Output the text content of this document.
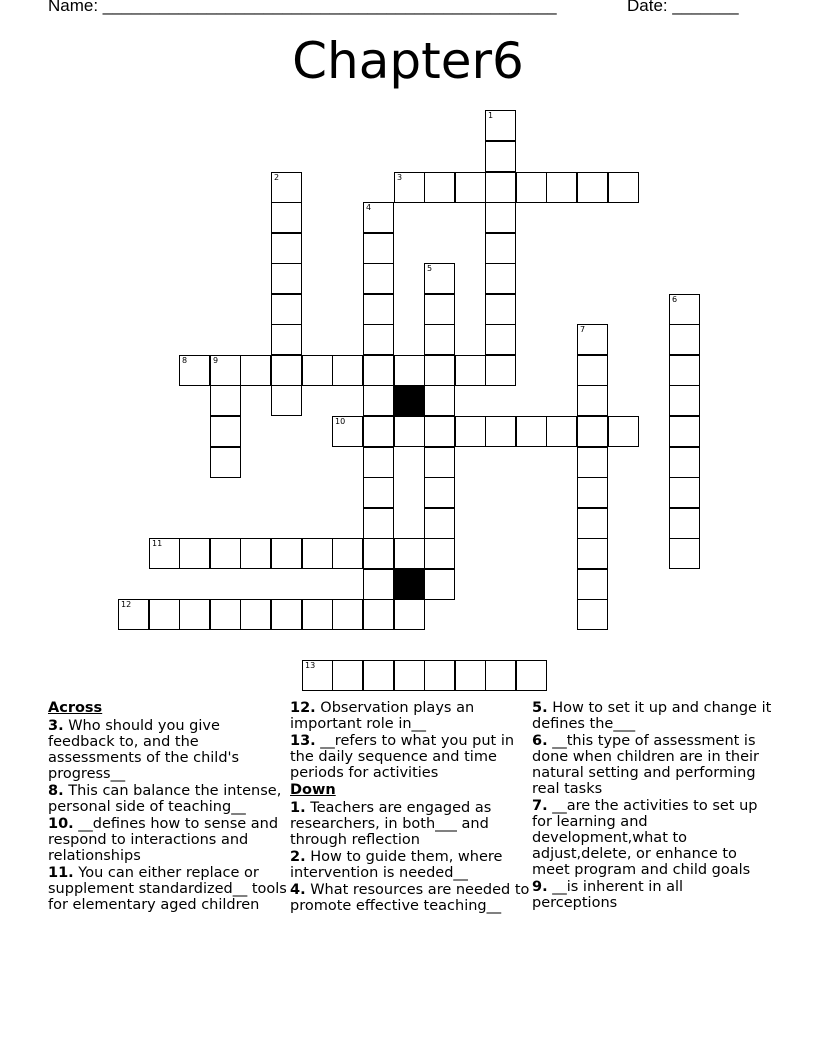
Name: ________________________________________________	Date: _______
Chapter6
1
3
2
4
5
6
7
8	9
10
11
12
13
Across
3. Who should you give feedback to, and the assessments of the child's progress__
8. This can balance the intense, personal side of teaching__
10. __defines how to sense and respond to interactions and relationships
11. You can either replace or supplement standardized__ tools for elementary aged children
12. Observation plays an important role in__
13. __refers to what you put in the daily sequence and time periods for activities
Down
1. Teachers are engaged as researchers, in both___ and through reflection
2. How to guide them, where intervention is needed__
4. What resources are needed to promote effective teaching__
5. How to set it up and change it defines the___
6. __this type of assessment is done when children are in their natural setting and performing real tasks
7. __are the activities to set up for learning and development,what to adjust,delete, or enhance to meet program and child goals
9. __is inherent in all perceptions
